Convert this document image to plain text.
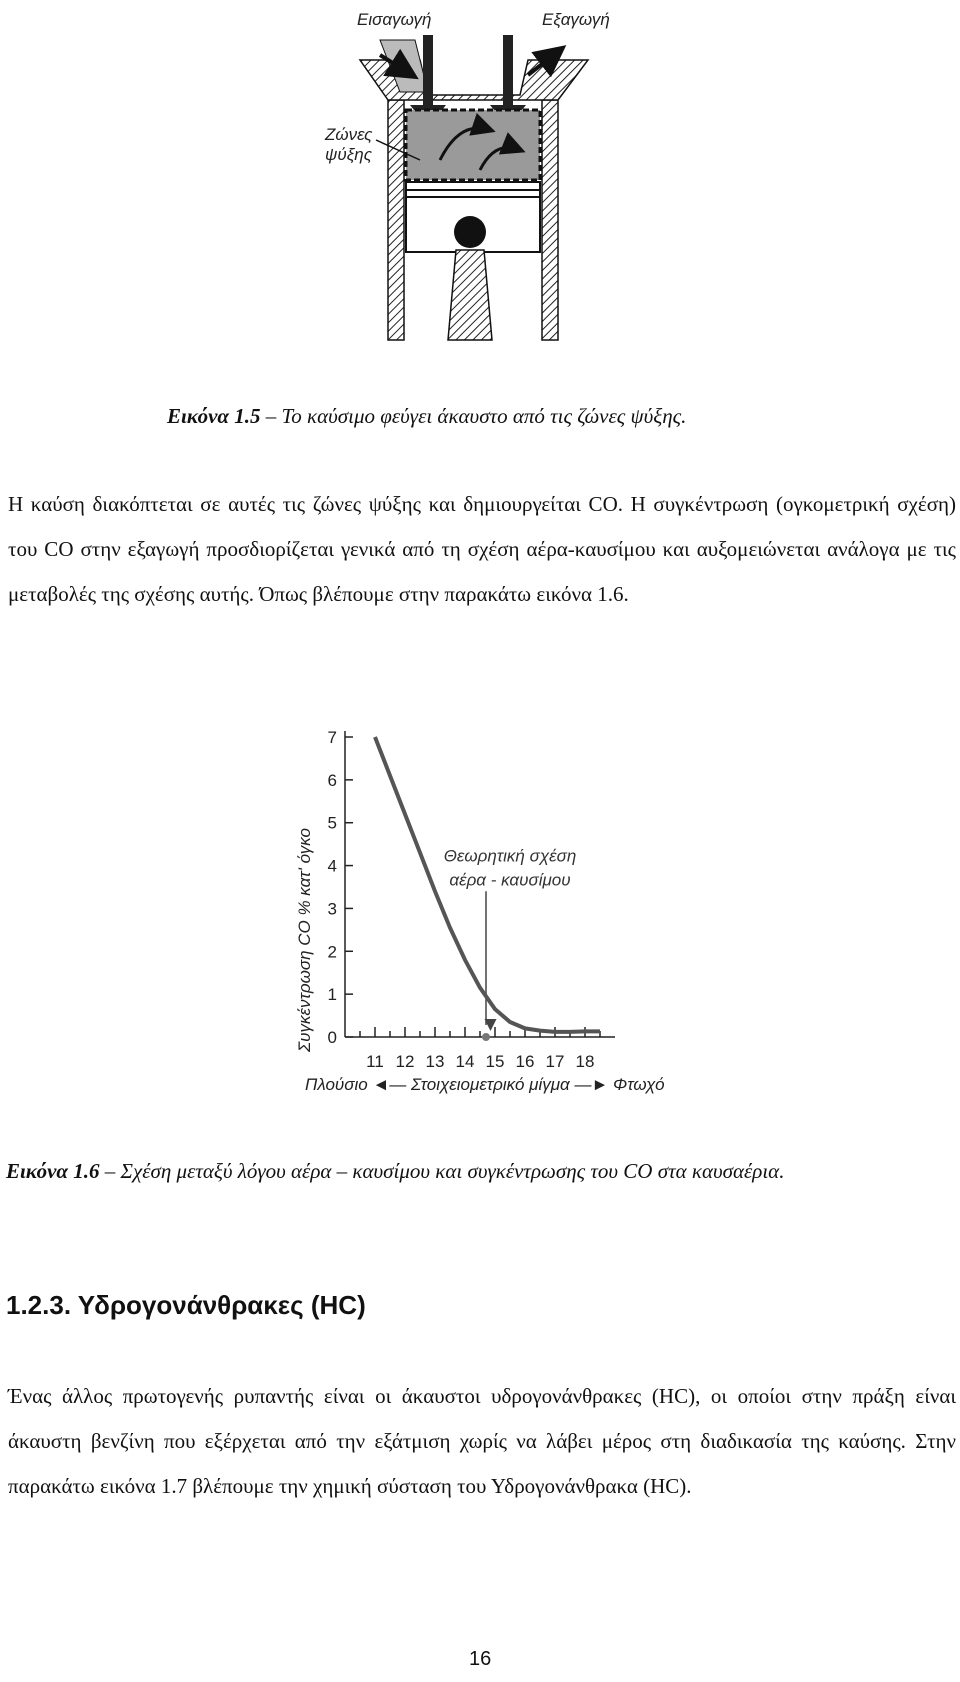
Εισαγωγή	Εξαγωγή
Ζώνες
ψύξης
Εικόνα 1.5 – Το καύσιμο φεύγει άκαυστο από τις ζώνες ψύξης.
Η καύση διακόπτεται σε αυτές τις ζώνες ψύξης και δημιουργείται CO. Η συγκέντρωση (ογκομετρική σχέση) του CO στην εξαγωγή προσδιορίζεται γενικά από τη σχέση αέρα-καυσίμου και αυξομειώνεται ανάλογα με τις μεταβολές της σχέσης αυτής. Όπως βλέπουμε στην παρακάτω εικόνα 1.6.
0
1
2
3
4
5
6
7
11 12 13 14 15 16 17 18
Συγκέντρωση CO % κατ' όγκο	Θεωρητική σχέση
αέρα - καυσίμου
Πλούσιο ◄— Στοιχειομετρικό μίγμα —► Φτωχό
Εικόνα 1.6 – Σχέση μεταξύ λόγου αέρα – καυσίμου και συγκέντρωσης του CO στα καυσαέρια.
1.2.3. Υδρογονάνθρακες (HC)
Ένας άλλος πρωτογενής ρυπαντής είναι οι άκαυστοι υδρογονάνθρακες (HC), οι οποίοι στην πράξη είναι άκαυστη βενζίνη που εξέρχεται από την εξάτμιση χωρίς να λάβει μέρος στη διαδικασία της καύσης. Στην παρακάτω εικόνα 1.7 βλέπουμε την χημική σύσταση του Υδρογονάνθρακα (HC).
16
